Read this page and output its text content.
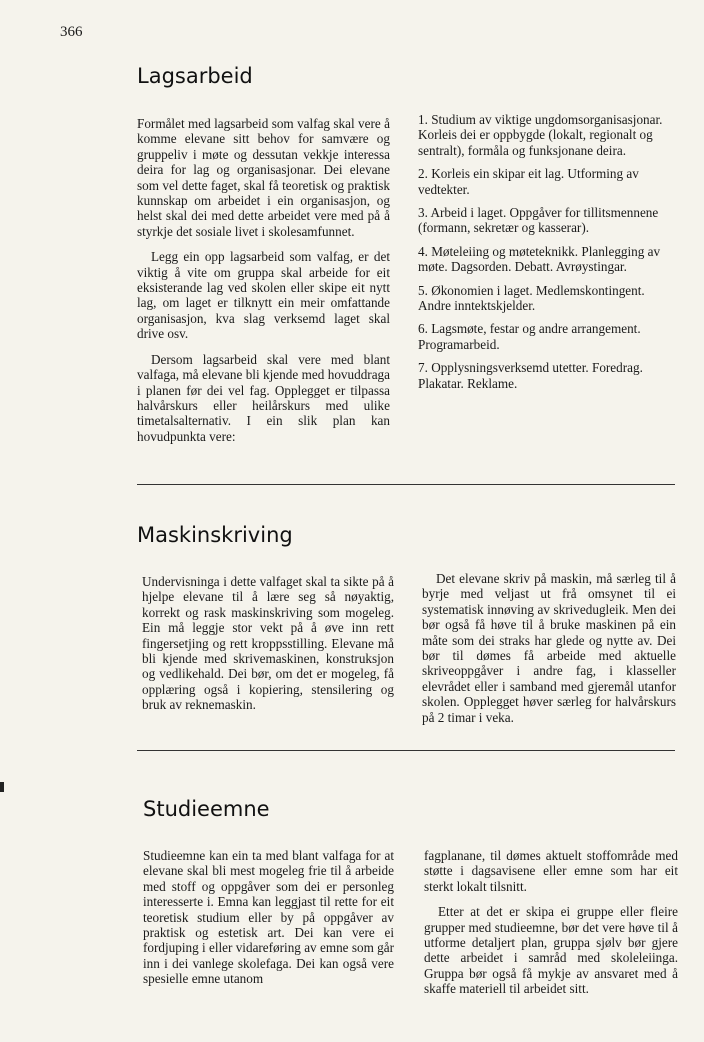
366
Lagsarbeid

Formålet med lagsarbeid som valfag skal vere å komme elevane sitt behov for samvære og gruppeliv i møte og dessutan vekkje interessa deira for lag og organisasjonar. Dei elevane som vel dette faget, skal få teoretisk og praktisk kunnskap om arbeidet i ein organisasjon, og helst skal dei med dette arbeidet vere med på å styrkje det sosiale livet i skolesamfunnet.

Legg ein opp lagsarbeid som valfag, er det viktig å vite om gruppa skal arbeide for eit eksisterande lag ved skolen eller skipe eit nytt lag, om laget er tilknytt ein meir omfattande organisasjon, kva slag verksemd laget skal drive osv.

Dersom lagsarbeid skal vere med blant valfaga, må elevane bli kjende med hovuddraga i planen før dei vel fag. Opplegget er tilpassa halvårskurs eller heilårskurs med ulike timetalsalternativ. I ein slik plan kan hovudpunkta vere:

1. Studium av viktige ungdomsorganisasjonar. Korleis dei er oppbygde (lokalt, regionalt og sentralt), formåla og funksjonane deira.
2. Korleis ein skipar eit lag. Utforming av vedtekter.
3. Arbeid i laget. Oppgåver for tillitsmennene (formann, sekretær og kasserar).
4. Møteleiing og møteteknikk. Planlegging av møte. Dagsorden. Debatt. Avrøystingar.
5. Økonomien i laget. Medlemskontingent. Andre inntektskjelder.
6. Lagsmøte, festar og andre arrangement. Programarbeid.
7. Opplysningsverksemd utetter. Foredrag. Plakatar. Reklame.
Maskinskriving

Undervisninga i dette valfaget skal ta sikte på å hjelpe elevane til å lære seg så nøyaktig, korrekt og rask maskinskriving som mogeleg. Ein må leggje stor vekt på å øve inn rett fingersetjing og rett kroppsstilling. Elevane må bli kjende med skrivemaskinen, konstruksjon og vedlikehald. Dei bør, om det er mogeleg, få opplæring også i kopiering, stensilering og bruk av reknemaskin.

Det elevane skriv på maskin, må særleg til å byrje med veljast ut frå omsynet til ei systematisk innøving av skrivedugleik. Men dei bør også få høve til å bruke maskinen på ein måte som dei straks har glede og nytte av. Dei bør til dømes få arbeide med aktuelle skriveoppgåver i andre fag, i klasseller elevrådet eller i samband med gjeremål utanfor skolen. Opplegget høver særleg for halvårskurs på 2 timar i veka.

Studieemne

Studieemne kan ein ta med blant valfaga for at elevane skal bli mest mogeleg frie til å arbeide med stoff og oppgåver som dei er personleg interesserte i. Emna kan leggjast til rette for eit teoretisk studium eller by på oppgåver av praktisk og estetisk art. Dei kan vere ei fordjuping i eller vidareføring av emne som går inn i dei vanlege skolefaga. Dei kan også vere spesielle emne utanom

fagplanane, til dømes aktuelt stoffområde med støtte i dagsavisene eller emne som har eit sterkt lokalt tilsnitt.

Etter at det er skipa ei gruppe eller fleire grupper med studieemne, bør det vere høve til å utforme detaljert plan, gruppa sjølv bør gjere dette arbeidet i samråd med skoleleiinga. Gruppa bør også få mykje av ansvaret med å skaffe materiell til arbeidet sitt.
